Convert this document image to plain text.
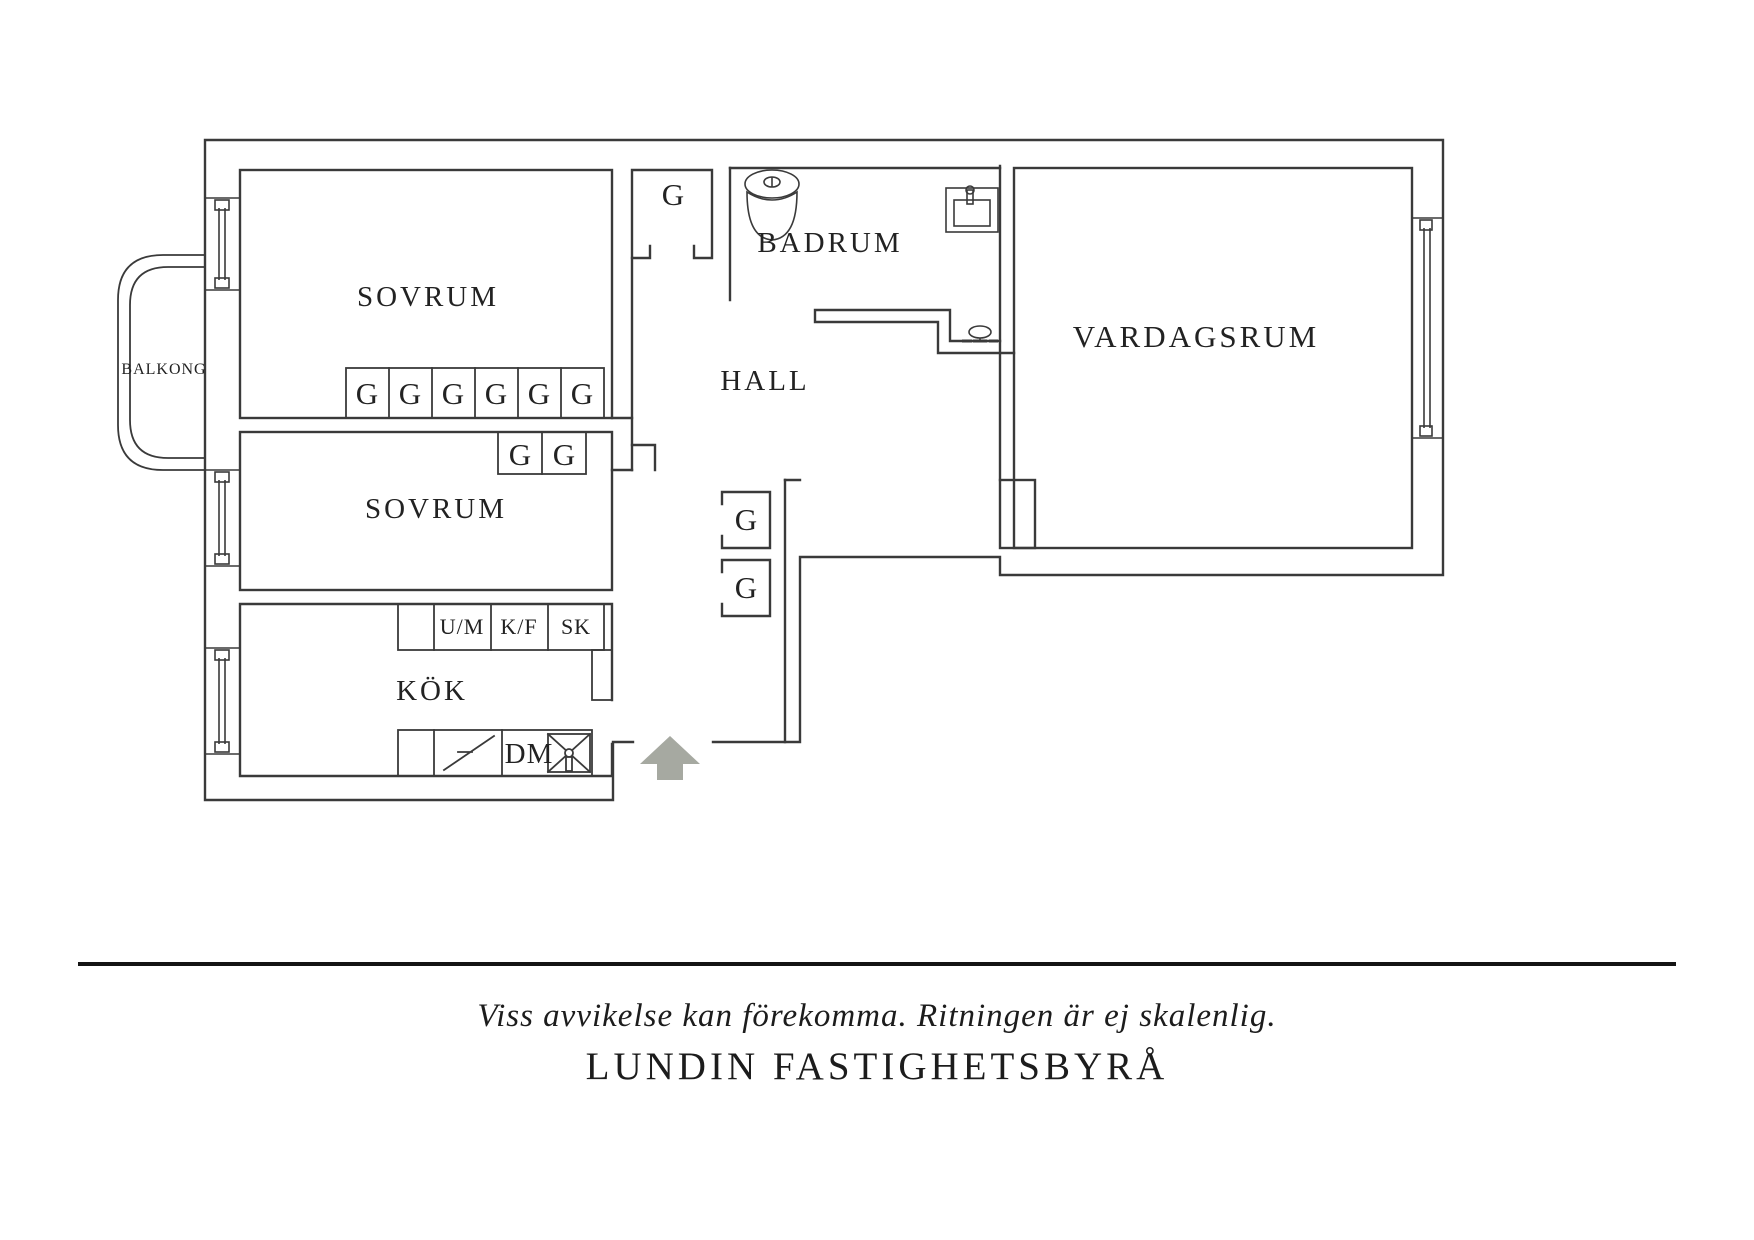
SOVRUM
SOVRUM
KÖK
BADRUM
HALL
VARDAGSRUM
BALKONG
G G G G G G
G G
G
G
G
U/M K/F SK
DM
Viss avvikelse kan förekomma. Ritningen är ej skalenlig.
LUNDIN FASTIGHETSBYRÅ
